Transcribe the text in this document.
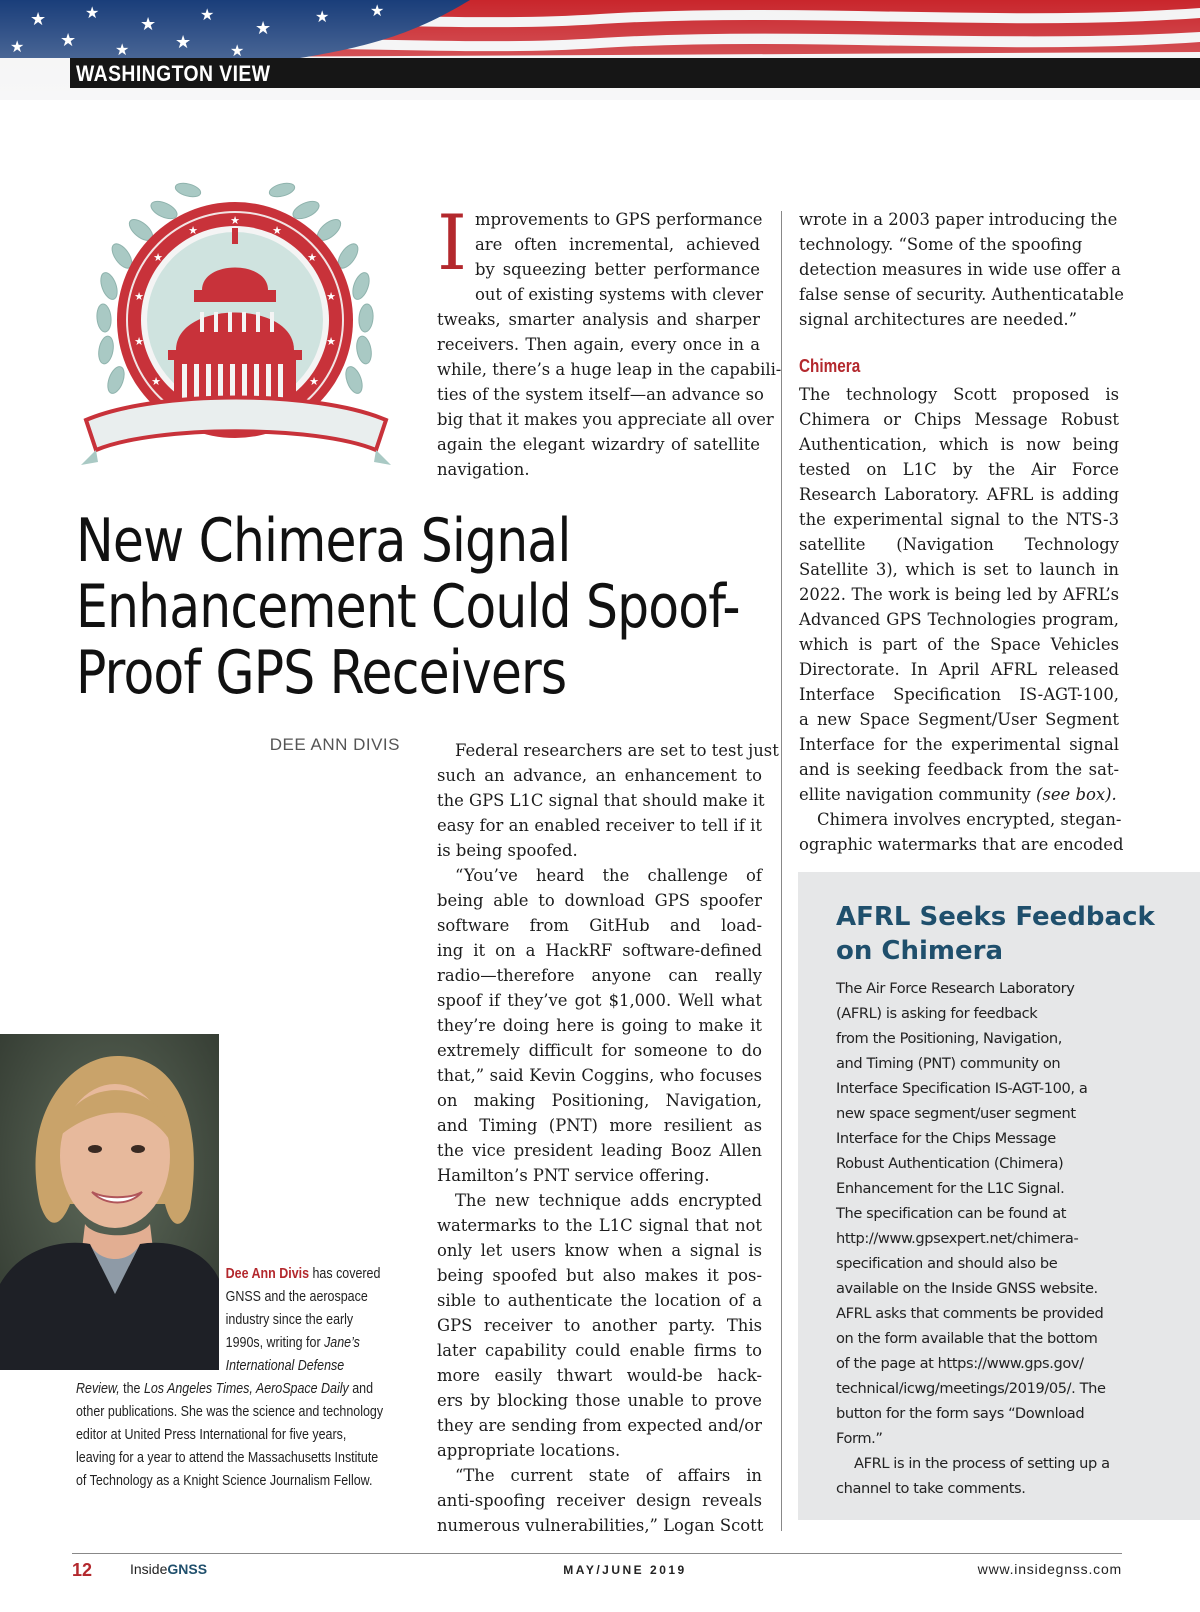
WASHINGTON VIEW
★
★
★
★
★
★
★
★
★
★
★
New Chimera Signal
Enhancement Could Spoof-
Proof GPS Receivers
DEE ANN DIVIS
Dee Ann Divis has covered
GNSS and the aerospace
industry since the early
1990s, writing for Jane’s
International Defense
Review, the Los Angeles Times, AeroSpace Daily and
other publications. She was the science and technology
editor at United Press International for five years,
leaving for a year to attend the Massachusetts Institute
of Technology as a Knight Science Journalism Fellow.
I mprovements to GPS performance
are often incremental, achieved
by squeezing better performance
out of existing systems with clever
tweaks, smarter analysis and sharper
receivers. Then again, every once in a
while, there’s a huge leap in the capabili-
ties of the system itself—an advance so
big that it makes you appreciate all over
again the elegant wizardry of satellite
navigation.
Federal researchers are set to test just
such an advance, an enhancement to
the GPS L1C signal that should make it
easy for an enabled receiver to tell if it
is being spoofed.
“You’ve heard the challenge of
being able to download GPS spoofer
software from GitHub and load-
ing it on a HackRF software-defined
radio—therefore anyone can really
spoof if they’ve got $1,000. Well what
they’re doing here is going to make it
extremely difficult for someone to do
that,” said Kevin Coggins, who focuses
on making Positioning, Navigation,
and Timing (PNT) more resilient as
the vice president leading Booz Allen
Hamilton’s PNT service offering.
The new technique adds encrypted
watermarks to the L1C signal that not
only let users know when a signal is
being spoofed but also makes it pos-
sible to authenticate the location of a
GPS receiver to another party. This
later capability could enable firms to
more easily thwart would-be hack-
ers by blocking those unable to prove
they are sending from expected and/or
appropriate locations.
“The current state of affairs in
anti-spoofing receiver design reveals
numerous vulnerabilities,” Logan Scott
wrote in a 2003 paper introducing the
technology. “Some of the spoofing
detection measures in wide use offer a
false sense of security. Authenticatable
signal architectures are needed.”
Chimera
The technology Scott proposed is
Chimera or Chips Message Robust
Authentication, which is now being
tested on L1C by the Air Force
Research Laboratory. AFRL is adding
the experimental signal to the NTS-3
satellite (Navigation Technology
Satellite 3), which is set to launch in
2022. The work is being led by AFRL’s
Advanced GPS Technologies program,
which is part of the Space Vehicles
Directorate. In April AFRL released
Interface Specification IS-AGT-100,
a new Space Segment/User Segment
Interface for the experimental signal
and is seeking feedback from the sat-
ellite navigation community (see box).
Chimera involves encrypted, stegan-
ographic watermarks that are encoded
AFRL Seeks Feedback on Chimera
The Air Force Research Laboratory
(AFRL) is asking for feedback
from the Positioning, Navigation,
and Timing (PNT) community on
Interface Specification IS-AGT-100, a
new space segment/user segment
Interface for the Chips Message
Robust Authentication (Chimera)
Enhancement for the L1C Signal.
The specification can be found at
http://www.gpsexpert.net/chimera-
specification and should also be
available on the Inside GNSS website.
AFRL asks that comments be provided
on the form available that the bottom
of the page at https://www.gps.gov/
technical/icwg/meetings/2019/05/. The
button for the form says “Download
Form.”
AFRL is in the process of setting up a
channel to take comments.
12	InsideGNSS	MAY/JUNE 2019	www.insidegnss.com
